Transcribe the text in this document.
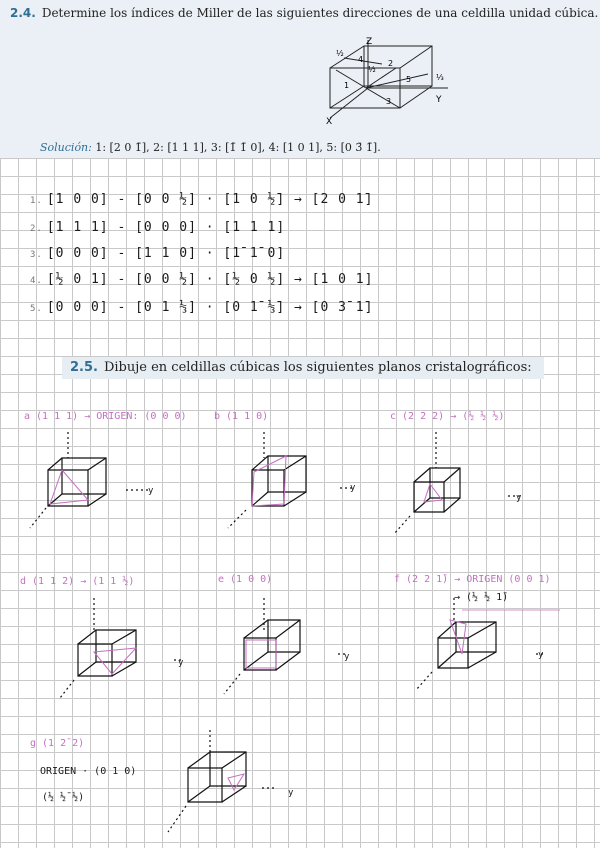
2.4. Determine los índices de Miller de las siguientes direcciones de una celdilla unidad cúbica.
Z
Y
X
½
½
⅓
1
2
3
4
5
Solución: 1: [2 0 1̄], 2: [1 1 1], 3: [1̄ 1̄ 0], 4: [1 0 1], 5: [0 3̄ 1̄].
1. [1 0 0] - [0 0 ½] · [1 0 ½̄] → [2 0 1̄]
2. [1 1 1] - [0 0 0] · [1 1 1]
3. [0 0 0] - [1 1 0] · [1̄ 1̄ 0]
4. [½ 0 1] - [0 0 ½] · [½ 0 ½] → [1 0 1]
5. [0 0 0] - [0 1 ⅓] · [0 1̄ ⅓̄] → [0 3̄ 1̄]
2.5. Dibuje en celdillas cúbicas los siguientes planos cristalográficos:
a (1 1 1) → ORIGEN: (0 0 0)	b (1 1 0)	c (2 2 2) → (½ ½ ½)
d (1 1 2) → (1 1 ½)	e (1 0 0)	f (2 2 1̄) → ORIGEN (0 0 1)
→ (½ ½ 1̄)
g (1 2̄ 2)
ORIGEN · (0 1 0)
(½ ½̄ ½)
y	y
y
y
y	y
y
